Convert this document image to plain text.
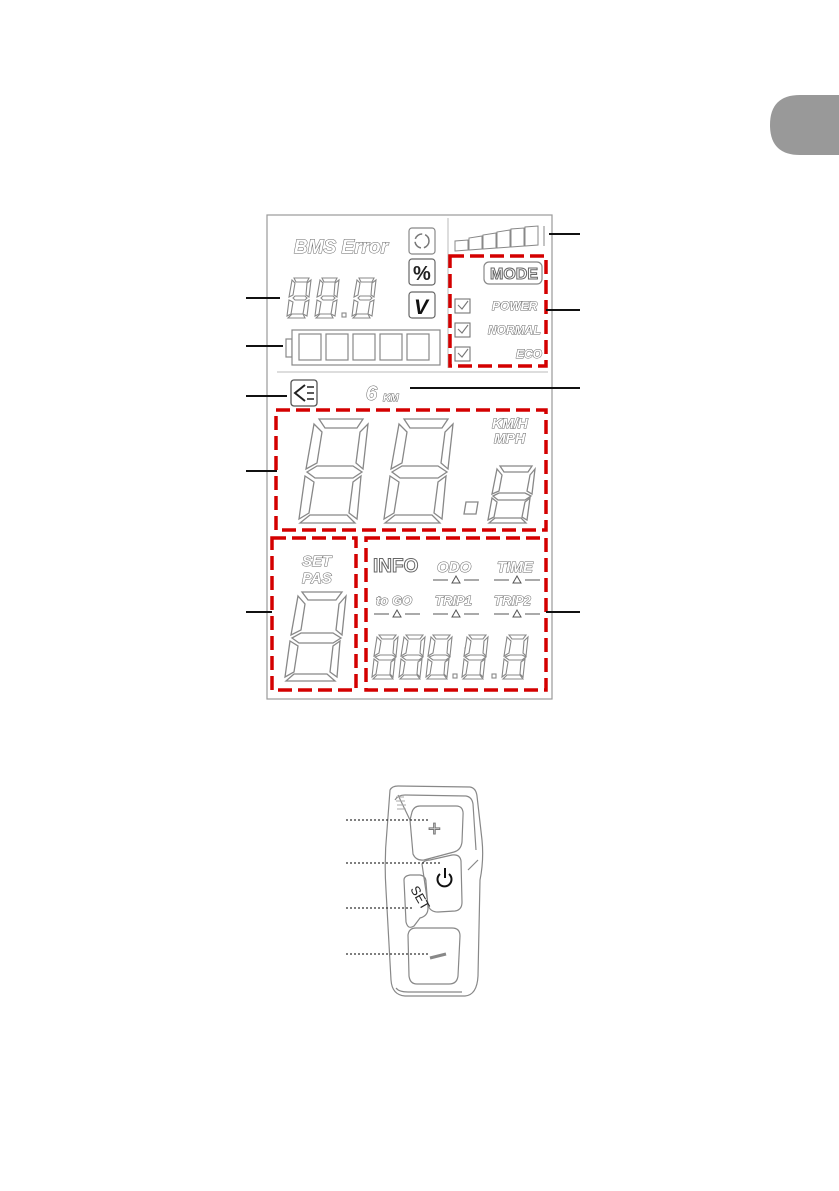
BMS Error
%
V
MODE
POWER
NORMAL
ECO
6 KM
KM/H
MPH
SET
PAS
INFO ODO TIME
to GO TRIP1 TRIP2
+
SET
